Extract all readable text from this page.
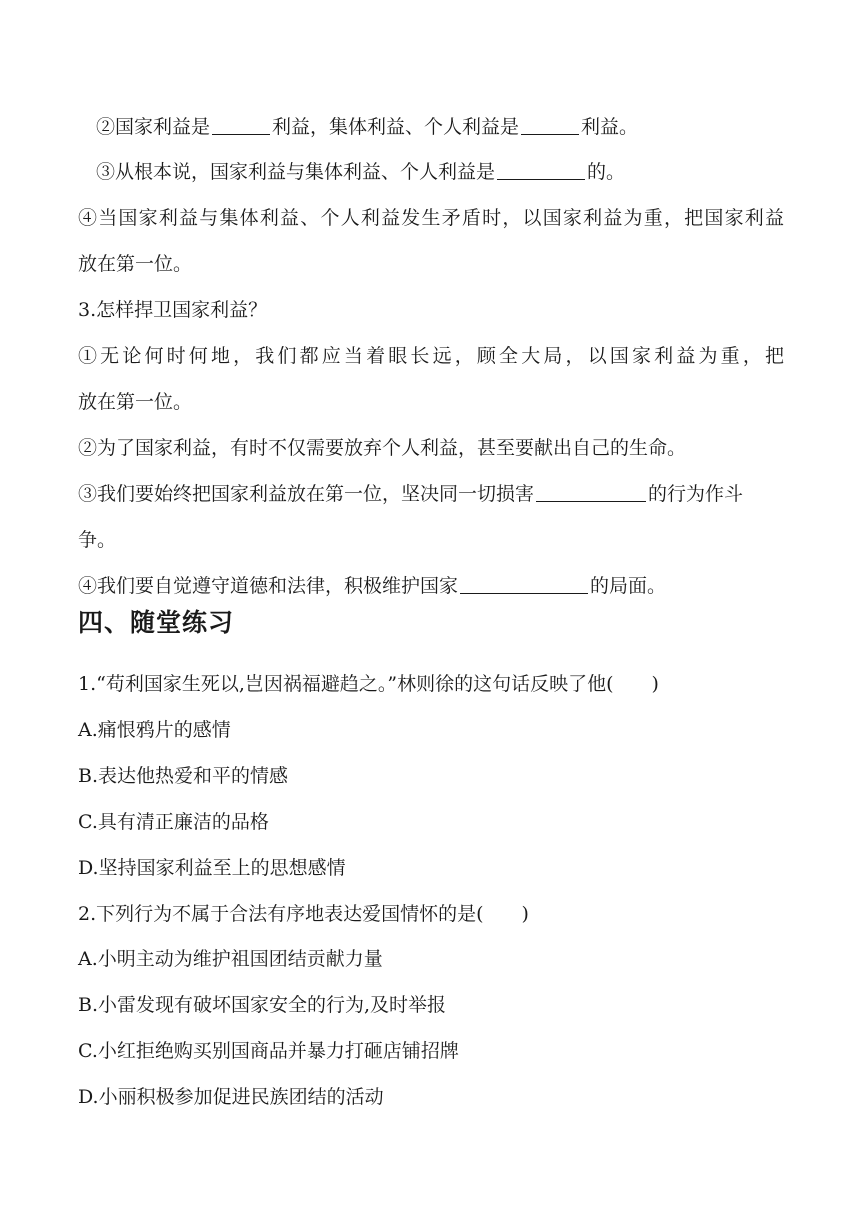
②国家利益是	利益，集体利益、个人利益是	利益。
③从根本说，国家利益与集体利益、个人利益是	的。
④当国家利益与集体利益、个人利益发生矛盾时，以国家利益为重，把国家利益
放在第一位。
3.怎样捍卫国家利益？
①无论何时何地，我们都应当着眼长远，顾全大局，以国家利益为重，把
放在第一位。
②为了国家利益，有时不仅需要放弃个人利益，甚至要献出自己的生命。
③我们要始终把国家利益放在第一位，坚决同一切损害	的行为作斗
争。
④我们要自觉遵守道德和法律，积极维护国家	的局面。
四、随堂练习
1.“苟利国家生死以,岂因祸福避趋之。”林则徐的这句话反映了他(　　)
A.痛恨鸦片的感情
B.表达他热爱和平的情感
C.具有清正廉洁的品格
D.坚持国家利益至上的思想感情
2.下列行为不属于合法有序地表达爱国情怀的是(　　)
A.小明主动为维护祖国团结贡献力量
B.小雷发现有破坏国家安全的行为,及时举报
C.小红拒绝购买别国商品并暴力打砸店铺招牌
D.小丽积极参加促进民族团结的活动
